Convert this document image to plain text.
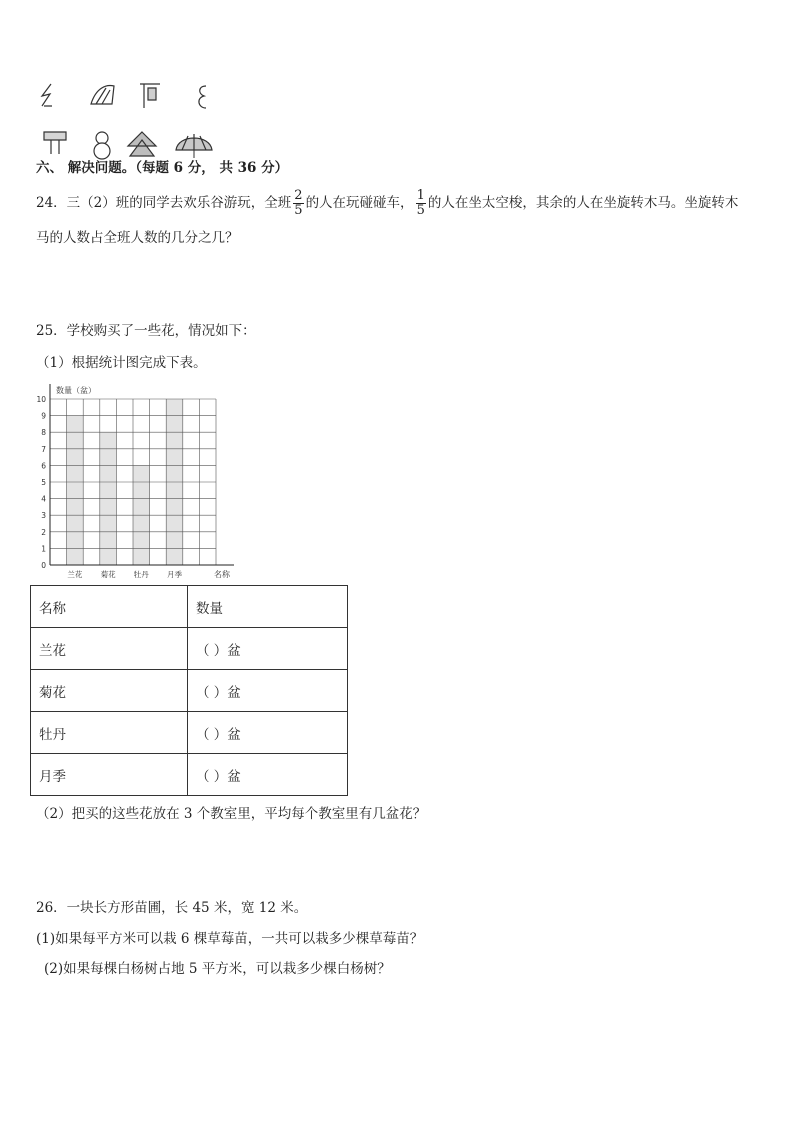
六、 解决问题。（每题 6 分， 共 36 分）
24．三（2）班的同学去欢乐谷游玩，全班 $\frac{2}{5}$ 的人在玩碰碰车， $\frac{1}{5}$ 的人在坐太空梭，其余的人在坐旋转木马。坐旋转木
马的人数占全班人数的几分之几？
25．学校购买了一些花，情况如下：
（1）根据统计图完成下表。
兰花 菊花 牡丹 月季
0
1
2
3
4
5
6
7
8
9
10
数量（盆）
名称
名称	数量
兰花	（ ）盆
菊花	（ ）盆
牡丹	（ ）盆
月季	（ ）盆
（2）把买的这些花放在 3 个教室里，平均每个教室里有几盆花？
26．一块长方形苗圃，长 45 米，宽 12 米。
(1)如果每平方米可以栽 6 棵草莓苗，一共可以栽多少棵草莓苗？
(2)如果每棵白杨树占地 5 平方米，可以栽多少棵白杨树？
